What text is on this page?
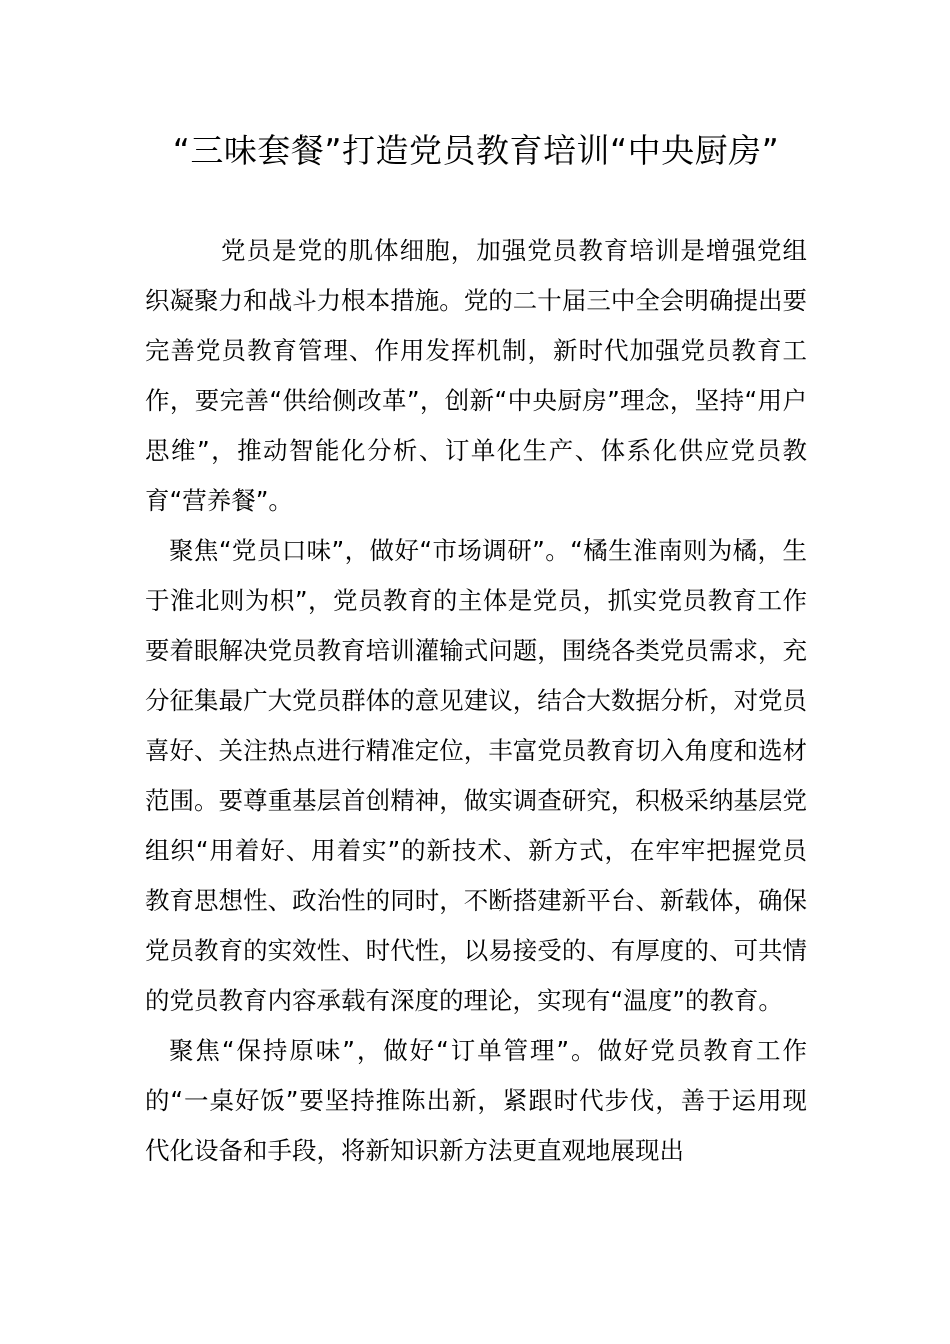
“三味套餐”打造党员教育培训“中央厨房”

党员是党的肌体细胞，加强党员教育培训是增强党组织凝聚力和战斗力根本措施。党的二十届三中全会明确提出要完善党员教育管理、作用发挥机制，新时代加强党员教育工作，要完善“供给侧改革”，创新“中央厨房”理念，坚持“用户思维”，推动智能化分析、订单化生产、体系化供应党员教育“营养餐”。

聚焦“党员口味”，做好“市场调研”。“橘生淮南则为橘，生于淮北则为枳”，党员教育的主体是党员，抓实党员教育工作要着眼解决党员教育培训灌输式问题，围绕各类党员需求，充分征集最广大党员群体的意见建议，结合大数据分析，对党员喜好、关注热点进行精准定位，丰富党员教育切入角度和选材范围。要尊重基层首创精神，做实调查研究，积极采纳基层党组织“用着好、用着实”的新技术、新方式，在牢牢把握党员教育思想性、政治性的同时，不断搭建新平台、新载体，确保党员教育的实效性、时代性，以易接受的、有厚度的、可共情的党员教育内容承载有深度的理论，实现有“温度”的教育。

聚焦“保持原味”，做好“订单管理”。做好党员教育工作的“一桌好饭”要坚持推陈出新，紧跟时代步伐，善于运用现代化设备和手段，将新知识新方法更直观地展现出
